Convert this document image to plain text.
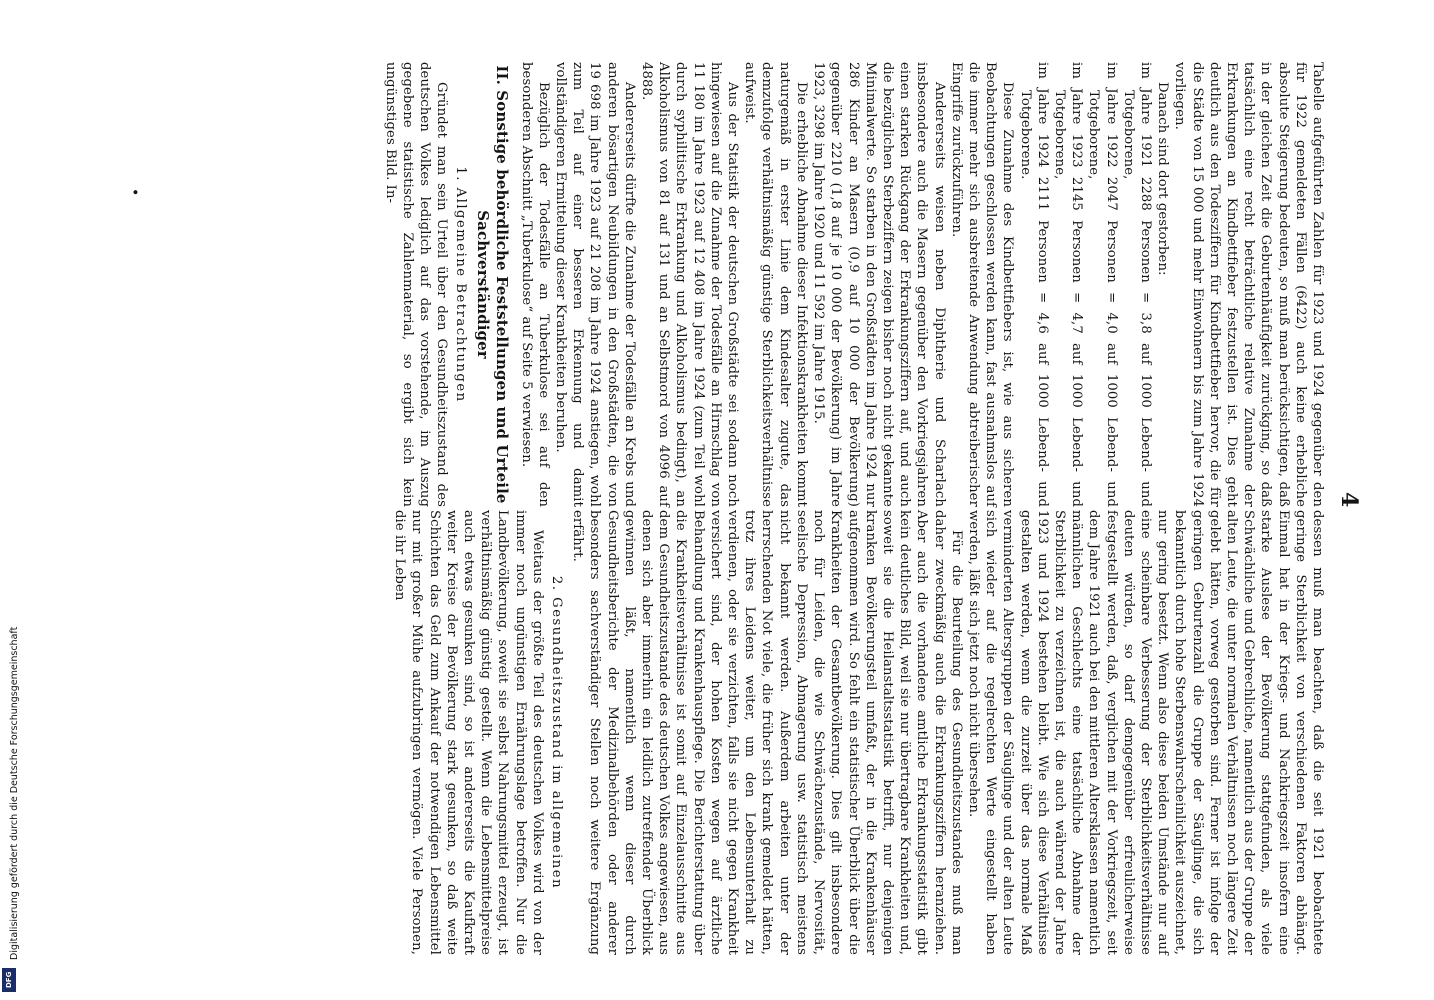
4

Tabelle aufgeführten Zahlen für 1923 und 1924 gegenüber den für 1922 gemeldeten Fällen (6422) auch keine erhebliche absolute Steigerung bedeuten, so muß man berücksichtigen, daß in der gleichen Zeit die Geburtenhäufigkeit zurückging, so daß tatsächlich eine recht beträchtliche relative Zunahme der Erkrankungen an Kindbettfieber festzustellen ist. Dies geht deutlich aus den Todesziffern für Kindbettfieber hervor, die für die Städte von 15 000 und mehr Einwohnern bis zum Jahre 1924 vorliegen.

Danach sind dort gestorben:

im Jahre 1921 2288 Personen = 3,8 auf 1000 Lebend- und Totgeborene,

im Jahre 1922 2047 Personen = 4,0 auf 1000 Lebend- und Totgeborene,

im Jahre 1923 2145 Personen = 4,7 auf 1000 Lebend- und Totgeborene,

im Jahre 1924 2111 Personen = 4,6 auf 1000 Lebend- und Totgeborene.

Diese Zunahme des Kindbettfiebers ist, wie aus sicheren Beobachtungen geschlossen werden kann, fast ausnahmslos auf die immer mehr sich ausbreitende Anwendung abtreiberischer Eingriffe zurückzuführen.

Andererseits weisen neben Diphtherie und Scharlach insbesondere auch die Masern gegenüber den Vorkriegsjahren einen starken Rückgang der Erkrankungsziffern auf, und auch die bezüglichen Sterbeziffern zeigen bisher noch nicht gekannte Minimalwerte. So starben in den Großstädten im Jahre 1924 nur 286 Kinder an Masern (0,9 auf 10 000 der Bevölkerung) gegenüber 2210 (1,8 auf je 10 000 der Bevölkerung) im Jahre 1923, 3298 im Jahre 1920 und 11 592 im Jahre 1915.

Die erhebliche Abnahme dieser Infektionskrankheiten kommt naturgemäß in erster Linie dem Kindesalter zugute, das demzufolge verhältnismäßig günstige Sterblichkeitsverhältnisse aufweist.

Aus der Statistik der deutschen Großstädte sei sodann noch hingewiesen auf die Zunahme der Todesfälle an Hirnschlag von 11 180 im Jahre 1923 auf 12 408 im Jahre 1924 (zum Teil wohl durch syphilitische Erkrankung und Alkoholismus bedingt), an Alkoholismus von 81 auf 131 und an Selbstmord von 4096 auf 4888.

Andererseits dürfte die Zunahme der Todesfälle an Krebs und anderen bösartigen Neubildungen in den Großstädten, die von 19 698 im Jahre 1923 auf 21 208 im Jahre 1924 anstiegen, wohl zum Teil auf einer besseren Erkennung und damit vollständigeren Ermittelung dieser Krankheiten beruhen.

Bezüglich der Todesfälle an Tuberkulose sei auf den besonderen Abschnitt „Tuberkulose“ auf Seite 5 verwiesen.

II. Sonstige behördliche Feststellungen und Urteile Sachverständiger
1. Allgemeine Betrachtungen

Gründet man sein Urteil über den Gesundheitszustand des deutschen Volkes lediglich auf das vorstehende, im Auszug gegebene statistische Zahlenmaterial, so ergibt sich kein ungünstiges Bild. In-

dessen muß man beachten, daß die seit 1921 beobachtete geringe Sterblichkeit von verschiedenen Faktoren abhängt. Einmal hat in der Kriegs- und Nachkriegszeit insofern eine starke Auslese der Bevölkerung stattgefunden, als viele Schwächliche und Gebrechliche, namentlich aus der Gruppe der alten Leute, die unter normalen Verhältnissen noch längere Zeit gelebt hätten, vorweg gestorben sind. Ferner ist infolge der geringen Geburtenzahl die Gruppe der Säuglinge, die sich bekanntlich durch hohe Sterbenswahrscheinlichkeit auszeichnet, nur gering besetzt. Wenn also diese beiden Umstände nur auf eine scheinbare Verbesserung der Sterblichkeitsverhältnisse deuten würden, so darf demgegenüber erfreulicherweise festgestellt werden, daß, verglichen mit der Vorkriegszeit, seit dem Jahre 1921 auch bei den mittleren Altersklassen namentlich männlichen Geschlechts eine tatsächliche Abnahme der Sterblichkeit zu verzeichnen ist, die auch während der Jahre 1923 und 1924 bestehen bleibt. Wie sich diese Verhältnisse gestalten werden, wenn die zurzeit über das normale Maß verminderten Altersgruppen der Säuglinge und der alten Leute sich wieder auf die regelrechten Werte eingestellt haben werden, läßt sich jetzt noch nicht übersehen.

Für die Beurteilung des Gesundheitszustandes muß man daher zweckmäßig auch die Erkrankungsziffern heranziehen. Aber auch die vorhandene amtliche Erkrankungsstatistik gibt kein deutliches Bild, weil sie nur übertragbare Krankheiten und, soweit sie die Heilanstaltsstatistik betrifft, nur denjenigen kranken Bevölkerungsteil umfaßt, der in die Krankenhäuser aufgenommen wird. So fehlt ein statistischer Überblick über die Krankheiten der Gesamtbevölkerung. Dies gilt insbesondere noch für Leiden, die wie Schwächezustände, Nervosität, seelische Depression, Abmagerung usw. statistisch meistens nicht bekannt werden. Außerdem arbeiten unter der herrschenden Not viele, die früher sich krank gemeldet hätten, trotz ihres Leidens weiter, um den Lebensunterhalt zu verdienen, oder sie verzichten, falls sie nicht gegen Krankheit versichert sind, der hohen Kosten wegen auf ärztliche Behandlung und Krankenhauspflege. Die Berichterstattung über die Krankheitsverhältnisse ist somit auf Einzelausschnitte aus dem Gesundheitszustande des deutschen Volkes angewiesen, aus denen sich aber immerhin ein leidlich zutreffender Überblick gewinnen läßt, namentlich wenn dieser durch Gesundheitsberichte der Medizinalbehörden oder anderer besonders sachverständiger Stellen noch weitere Ergänzung erfährt.

2. Gesundheitszustand im allgemeinen

Weitaus der größte Teil des deutschen Volkes wird von der immer noch ungünstigen Ernährungslage betroffen. Nur die Landbevölkerung, soweit sie selbst Nahrungsmittel erzeugt, ist verhältnismäßig günstig gestellt. Wenn die Lebensmittelpreise auch etwas gesunken sind, so ist andererseits die Kaufkraft weiter Kreise der Bevölkerung stark gesunken, so daß weite Schichten das Geld zum Ankauf der notwendigen Lebensmittel nur mit großer Mühe aufzubringen vermögen. Viele Personen, die ihr Leben

•
Digitalisierung gefördert durch die Deutsche Forschungsgemeinschaft
DFG
